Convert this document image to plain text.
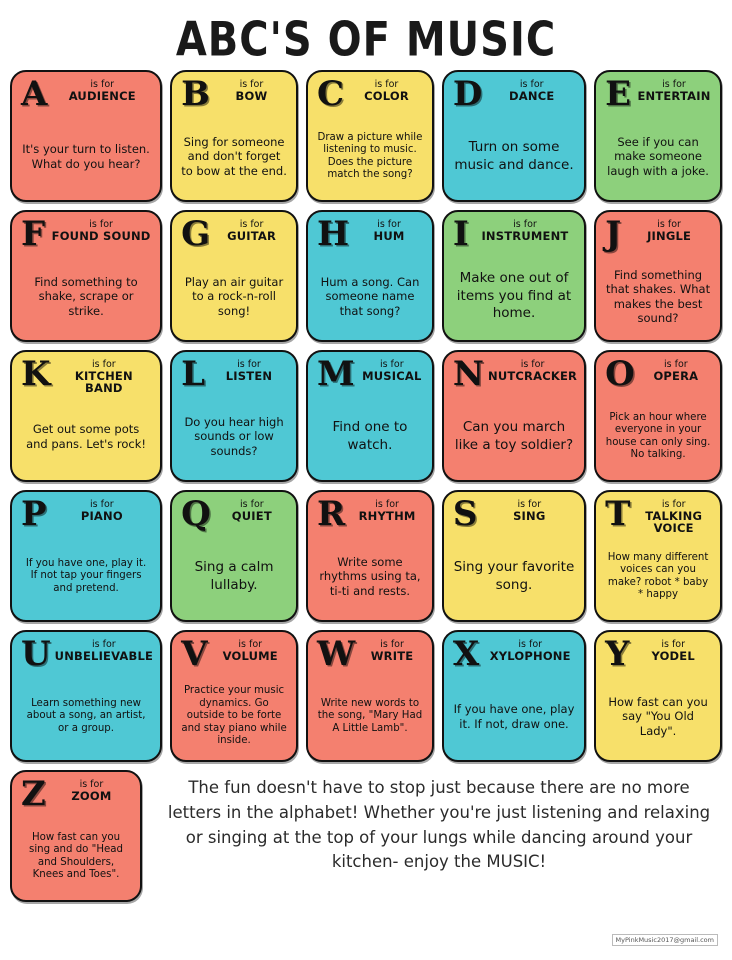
ABC'S OF MUSIC
A	is for
AUDIENCE
It's your turn to listen. What do you hear?
B	is for
BOW
Sing for someone and don't forget to bow at the end.
C	is for
COLOR
Draw a picture while listening to music. Does the picture match the song?
D	is for
DANCE
Turn on some music and dance.
E	is for
ENTERTAIN
See if you can make someone laugh with a joke.
F	is for
FOUND SOUND
Find something to shake, scrape or strike.
G	is for
GUITAR
Play an air guitar to a rock-n-roll song!
H	is for
HUM
Hum a song. Can someone name that song?
I	is for
INSTRUMENT
Make one out of items you find at home.
J	is for
JINGLE
Find something that shakes. What makes the best sound?
K	is for
KITCHEN BAND
Get out some pots and pans. Let's rock!
L	is for
LISTEN
Do you hear high sounds or low sounds?
M	is for
MUSICAL
Find one to watch.
N	is for
NUTCRACKER
Can you march like a toy soldier?
O	is for
OPERA
Pick an hour where everyone in your house can only sing. No talking.
P	is for
PIANO
If you have one, play it. If not tap your fingers and pretend.
Q	is for
QUIET
Sing a calm lullaby.
R	is for
RHYTHM
Write some rhythms using ta, ti-ti and rests.
S	is for
SING
Sing your favorite song.
T	is for
TALKING VOICE
How many different voices can you make? robot * baby * happy
U	is for
UNBELIEVABLE
Learn something new about a song, an artist, or a group.
V	is for
VOLUME
Practice your music dynamics. Go outside to be forte and stay piano while inside.
W	is for
WRITE
Write new words to the song, "Mary Had A Little Lamb".
X	is for
XYLOPHONE
If you have one, play it. If not, draw one.
Y	is for
YODEL
How fast can you say "You Old Lady".
Z	is for
ZOOM
How fast can you sing and do "Head and Shoulders, Knees and Toes".
The fun doesn't have to stop just because there are no more letters in the alphabet! Whether you're just listening and relaxing or singing at the top of your lungs while dancing around your kitchen- enjoy the MUSIC!
MyPinkMusic2017@gmail.com
